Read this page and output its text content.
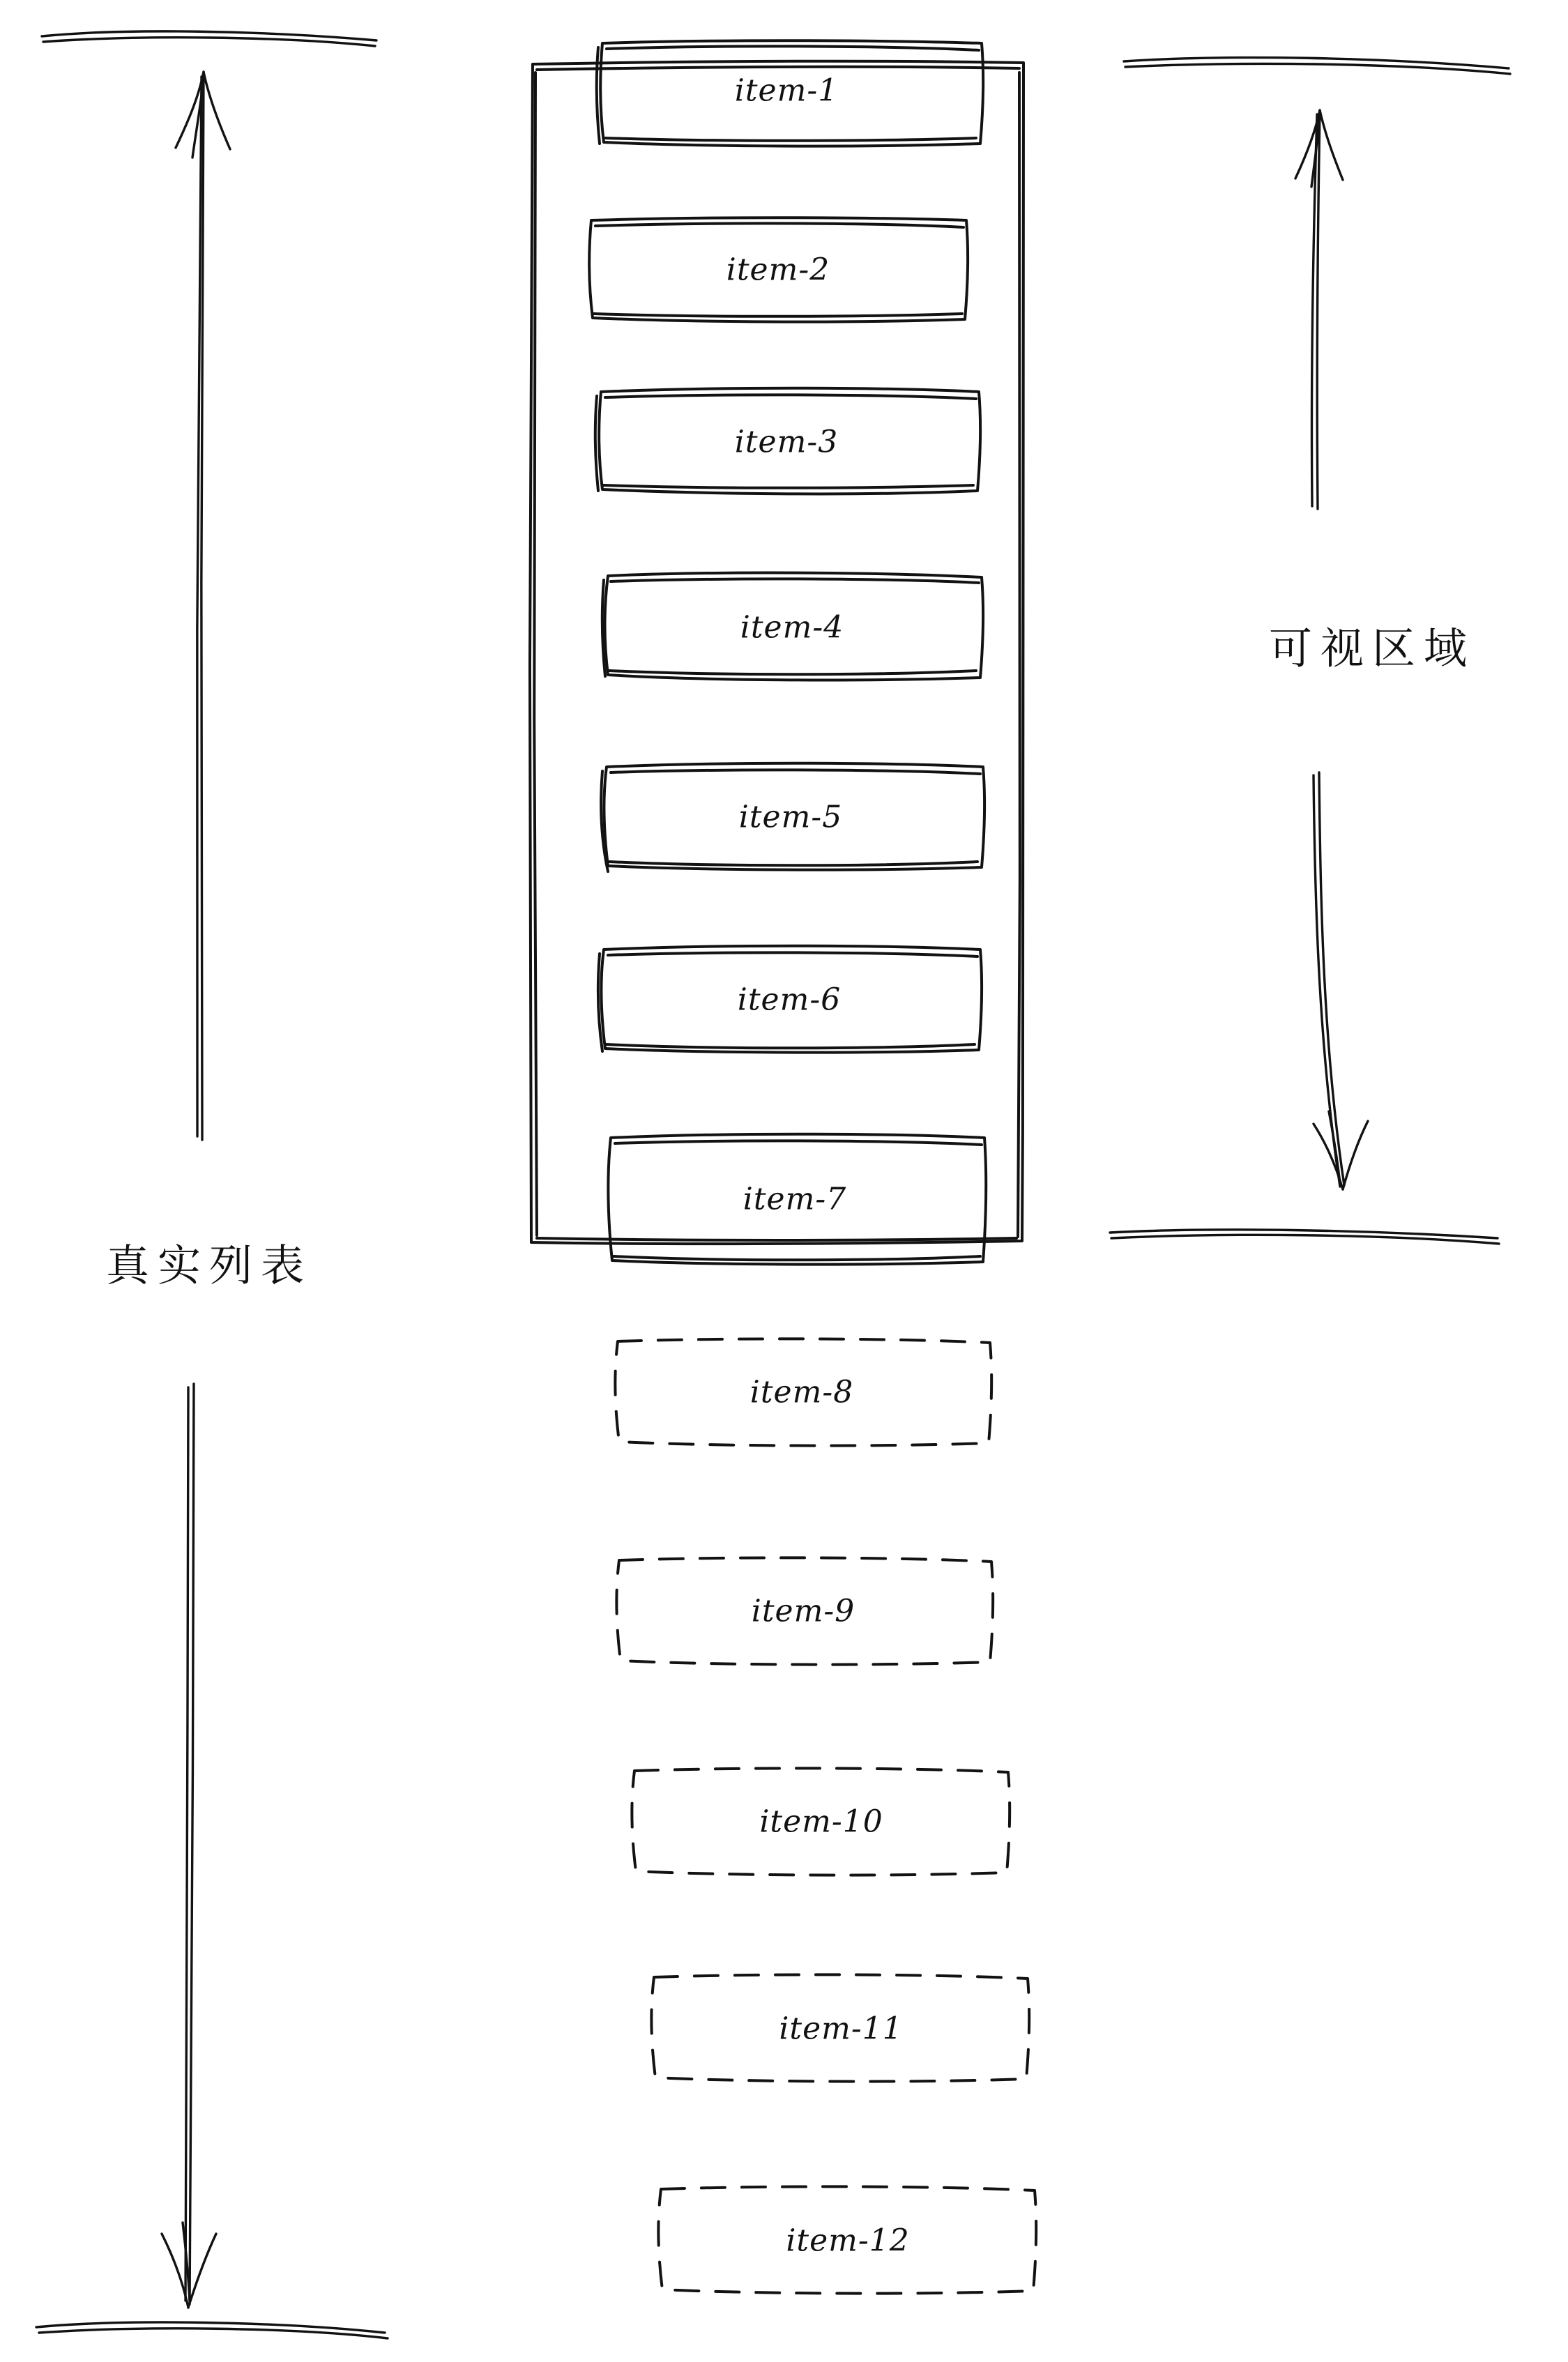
item-1
item-2
item-3
item-4
item-5
item-6
item-7
item-8
item-9
item-10
item-11
item-12
真实列表
可视区域
